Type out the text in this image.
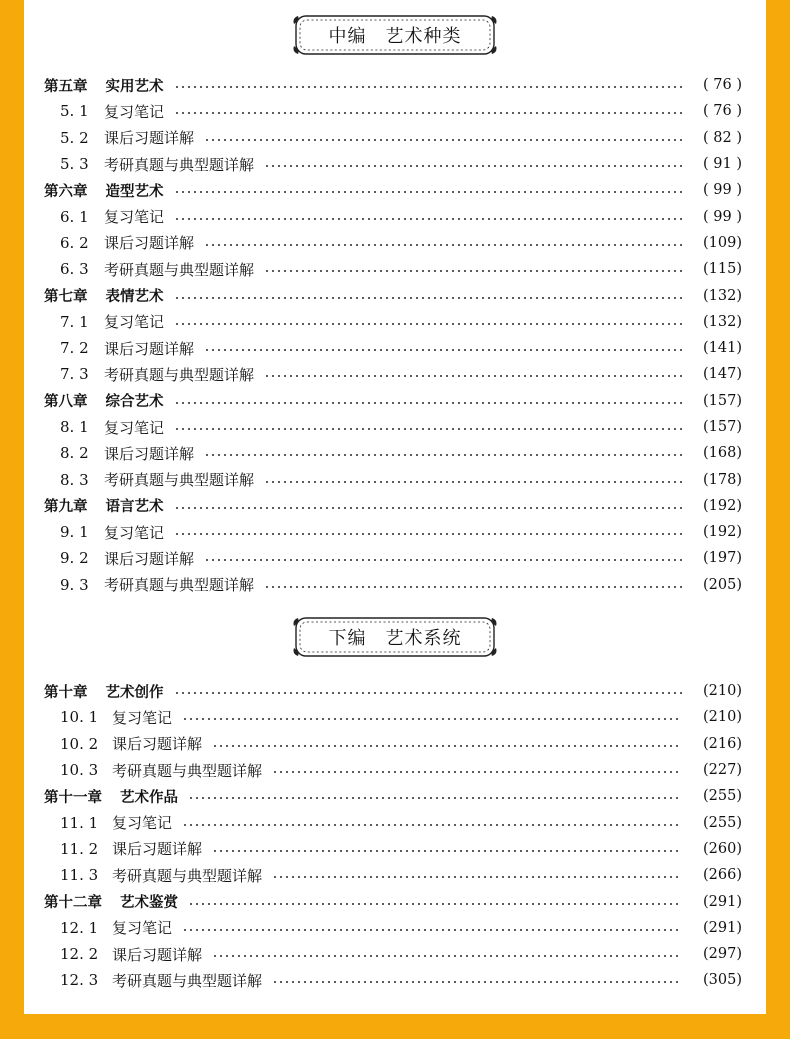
中编　艺术种类
第五章 实用艺术	( 76 )
5. 1	复习笔记	( 76 )
5. 2	课后习题详解	( 82 )
5. 3	考研真题与典型题详解	( 91 )
第六章 造型艺术	( 99 )
6. 1	复习笔记	( 99 )
6. 2	课后习题详解	(109)
6. 3	考研真题与典型题详解	(115)
第七章 表情艺术	(132)
7. 1	复习笔记	(132)
7. 2	课后习题详解	(141)
7. 3	考研真题与典型题详解	(147)
第八章 综合艺术	(157)
8. 1	复习笔记	(157)
8. 2	课后习题详解	(168)
8. 3	考研真题与典型题详解	(178)
第九章 语言艺术	(192)
9. 1	复习笔记	(192)
9. 2	课后习题详解	(197)
9. 3	考研真题与典型题详解	(205)
下编　艺术系统
第十章 艺术创作	(210)
10. 1 复习笔记	(210)
10. 2 课后习题详解	(216)
10. 3 考研真题与典型题详解	(227)
第十一章 艺术作品	(255)
11. 1 复习笔记	(255)
11. 2 课后习题详解	(260)
11. 3 考研真题与典型题详解	(266)
第十二章 艺术鉴赏	(291)
12. 1 复习笔记	(291)
12. 2 课后习题详解	(297)
12. 3 考研真题与典型题详解	(305)
